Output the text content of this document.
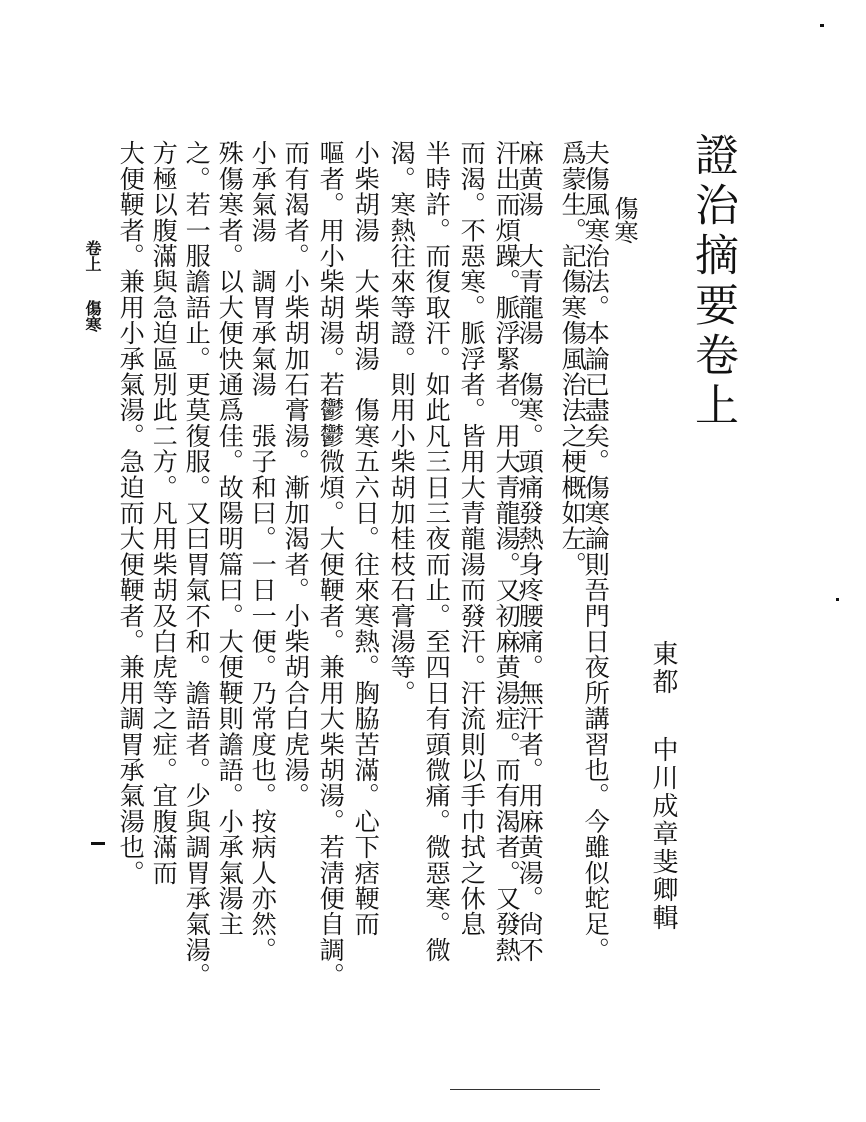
證治摘要卷上
東都中川成章斐卿輯
傷寒
夫傷風寒治法。本論已盡矣。傷寒論則吾門日夜所講習也。今雖似蛇足。
爲蒙生。記傷寒傷風治法之梗概如左。
麻黄湯　大青龍湯　傷寒。頭痛發熱身疼腰痛。無汗者。用麻黄湯。尙不
汗出而煩躁。脈浮緊者。用大青龍湯。又初麻黄湯症。而有渴者。又發熱
而渴。不惡寒。脈浮者。皆用大青龍湯而發汗。汗流則以手巾拭之休息
半時許。而復取汗。如此凡三日三夜而止。至四日有頭微痛。微惡寒。微
渴。寒熱往來等證。則用小柴胡加桂枝石膏湯等。
小柴胡湯　大柴胡湯　傷寒五六日。往來寒熱。胸脇苦滿。心下痞鞕而
嘔者。用小柴胡湯。若鬱鬱微煩。大便鞕者。兼用大柴胡湯。若淸便自調。
而有渴者。小柴胡加石膏湯。漸加渴者。小柴胡合白虎湯。
小承氣湯　調胃承氣湯　張子和曰。一日一便。乃常度也。按病人亦然。
殊傷寒者。以大便快通爲佳。故陽明篇曰。大便鞕則譫語。小承氣湯主
之。若一服譫語止。更莫復服。又曰胃氣不和。譫語者。少與調胃承氣湯。
方極以腹滿與急迫區別此二方。凡用柴胡及白虎等之症。宜腹滿而
大便鞕者。兼用小承氣湯。急迫而大便鞕者。兼用調胃承氣湯也。
卷上傷寒
